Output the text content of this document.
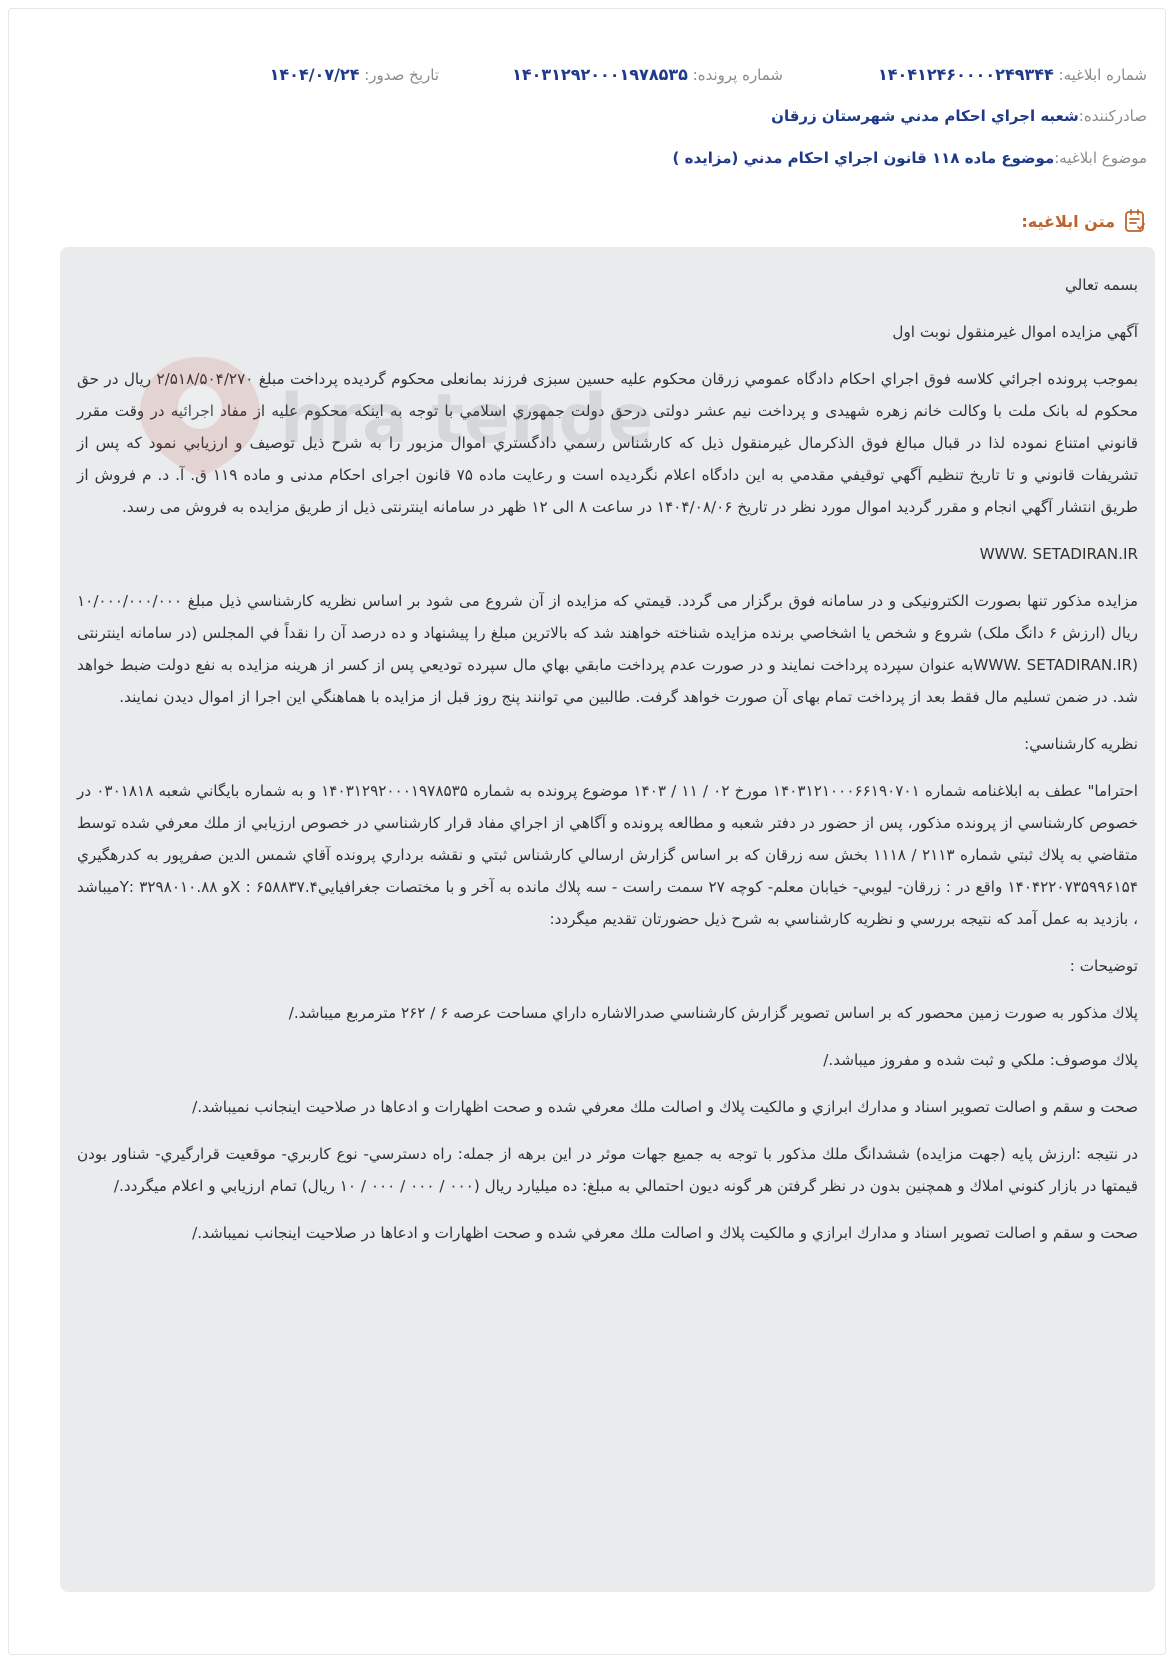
شماره ابلاغیه: ۱۴۰۴۱۲۴۶۰۰۰۰۲۴۹۳۴۴
شماره پرونده: ۱۴۰۳۱۲۹۲۰۰۰۱۹۷۸۵۳۵
تاریخ صدور: ۱۴۰۴/۰۷/۲۴
صادرکننده:
شعبه اجراي احكام مدني شهرستان زرقان
موضوع ابلاغیه:
موضوع ماده ۱۱۸ قانون اجراي احكام مدني (مزايده )
متن ابلاغیه:
hra tende

بسمه تعالي

آگهي مزايده اموال غيرمنقول نوبت اول

بموجب پرونده اجرائي كلاسه فوق اجراي احكام دادگاه عمومي زرقان محكوم عليه حسين سبزی فرزند بمانعلی محكوم گرديده پرداخت مبلغ ۲/۵۱۸/۵۰۴/۲۷۰ ريال در حق محكوم له بانک ملت با وكالت خانم زهره شهیدی و پرداخت نيم عشر دولتی درحق دولت جمهوري اسلامي با توجه به اينكه محكوم عليه از مفاد اجرائيه در وقت مقرر قانوني امتناع نموده لذا در قبال مبالغ فوق الذكرمال غيرمنقول ذيل كه كارشناس رسمي دادگستري اموال مزبور را به شرح ذيل توصيف و ارزيابي نمود كه پس از تشريفات قانوني و تا تاريخ تنظيم آگهي توقيفي مقدمي به اين دادگاه اعلام نگرديده است و رعايت ماده ۷۵ قانون اجرای احکام مدنی و ماده ۱۱۹ ق. آ. د. م فروش از طريق انتشار آگهي انجام و مقرر گرديد اموال مورد نظر در تاريخ ۱۴۰۴/۰۸/۰۶ در ساعت ۸ الی ۱۲ ظهر در سامانه اینترنتی ذیل از طریق مزایده به فروش می رسد.

WWW. SETADIRAN.IR

مزايده مذكور تنها بصورت الكترونيكی و در سامانه فوق برگزار می گردد. قيمتي كه مزايده از آن شروع می شود بر اساس نظريه كارشناسي ذيل مبلغ ۱۰/۰۰۰/۰۰۰/۰۰۰ ريال (ارزش ۶ دانگ ملک) شروع و شخص يا اشخاصي برنده مزايده شناخته خواهند شد كه بالاترين مبلغ را پيشنهاد و ده درصد آن را نقداً في المجلس (در سامانه اينترنتی (WWW. SETADIRAN.IRبه عنوان سپرده پرداخت نمايند و در صورت عدم پرداخت مابقي بهاي مال سپرده توديعي پس از كسر از هرينه مزايده به نفع دولت ضبط خواهد شد. در ضمن تسليم مال فقط بعد از پرداخت تمام بهای آن صورت خواهد گرفت. طالبين مي توانند پنج روز قبل از مزايده با هماهنگي اين اجرا از اموال ديدن نمايند.

نظريه كارشناسي:

احتراما" عطف به ابلاغنامه شماره ۱۴۰۳۱۲۱۰۰۰۶۶۱۹۰۷۰۱ مورخ ۰۲ / ۱۱ / ۱۴۰۳ موضوع پرونده به شماره ۱۴۰۳۱۲۹۲۰۰۰۱۹۷۸۵۳۵ و به شماره بايگاني شعبه ۰۳۰۱۸۱۸ در خصوص كارشناسي از پرونده مذكور، پس از حضور در دفتر شعبه و مطالعه پرونده و آگاهي از اجراي مفاد قرار كارشناسي در خصوص ارزيابي از ملك معرفي شده توسط متقاضي به پلاك ثبتي شماره ۲۱۱۳ / ۱۱۱۸ بخش سه زرقان كه بر اساس گزارش ارسالي كارشناس ثبتي و نقشه برداري پرونده آقاي شمس الدين صفرپور به كدرهگيري ۱۴۰۴۲۲۰۷۳۵۹۹۶۱۵۴ واقع در : زرقان- ليوبي- خيابان معلم- كوچه ۲۷ سمت راست - سه پلاك مانده به آخر و با مختصات جغرافيايي۶۵۸۸۳۷.۴ : Xو ۳۲۹۸۰۱۰.۸۸ :Yميباشد ، بازديد به عمل آمد كه نتيجه بررسي و نظريه كارشناسي به شرح ذيل حضورتان تقديم ميگردد:

توضيحات :

پلاك مذكور به صورت زمين محصور كه بر اساس تصوير گزارش كارشناسي صدرالاشاره داراي مساحت عرصه ۶ / ۲۶۲ مترمربع ميباشد./

پلاك موصوف: ملكي و ثبت شده و مفروز ميباشد./

صحت و سقم و اصالت تصوير اسناد و مدارك ابرازي و مالكيت پلاك و اصالت ملك معرفي شده و صحت اظهارات و ادعاها در صلاحيت اينجانب نميباشد./

در نتيجه :ارزش پايه (جهت مزايده) ششدانگ ملك مذكور با توجه به جميع جهات موثر در اين برهه از جمله: راه دسترسي- نوع كاربري- موقعيت قرارگيري- شناور بودن قيمتها در بازار كنوني املاك و همچنين بدون در نظر گرفتن هر گونه ديون احتمالي به مبلغ: ده ميليارد ريال (۰۰۰ / ۰۰۰ / ۰۰۰ / ۱۰ ريال) تمام ارزيابي و اعلام ميگردد./

صحت و سقم و اصالت تصوير اسناد و مدارك ابرازي و مالكيت پلاك و اصالت ملك معرفي شده و صحت اظهارات و ادعاها در صلاحيت اينجانب نميباشد./
